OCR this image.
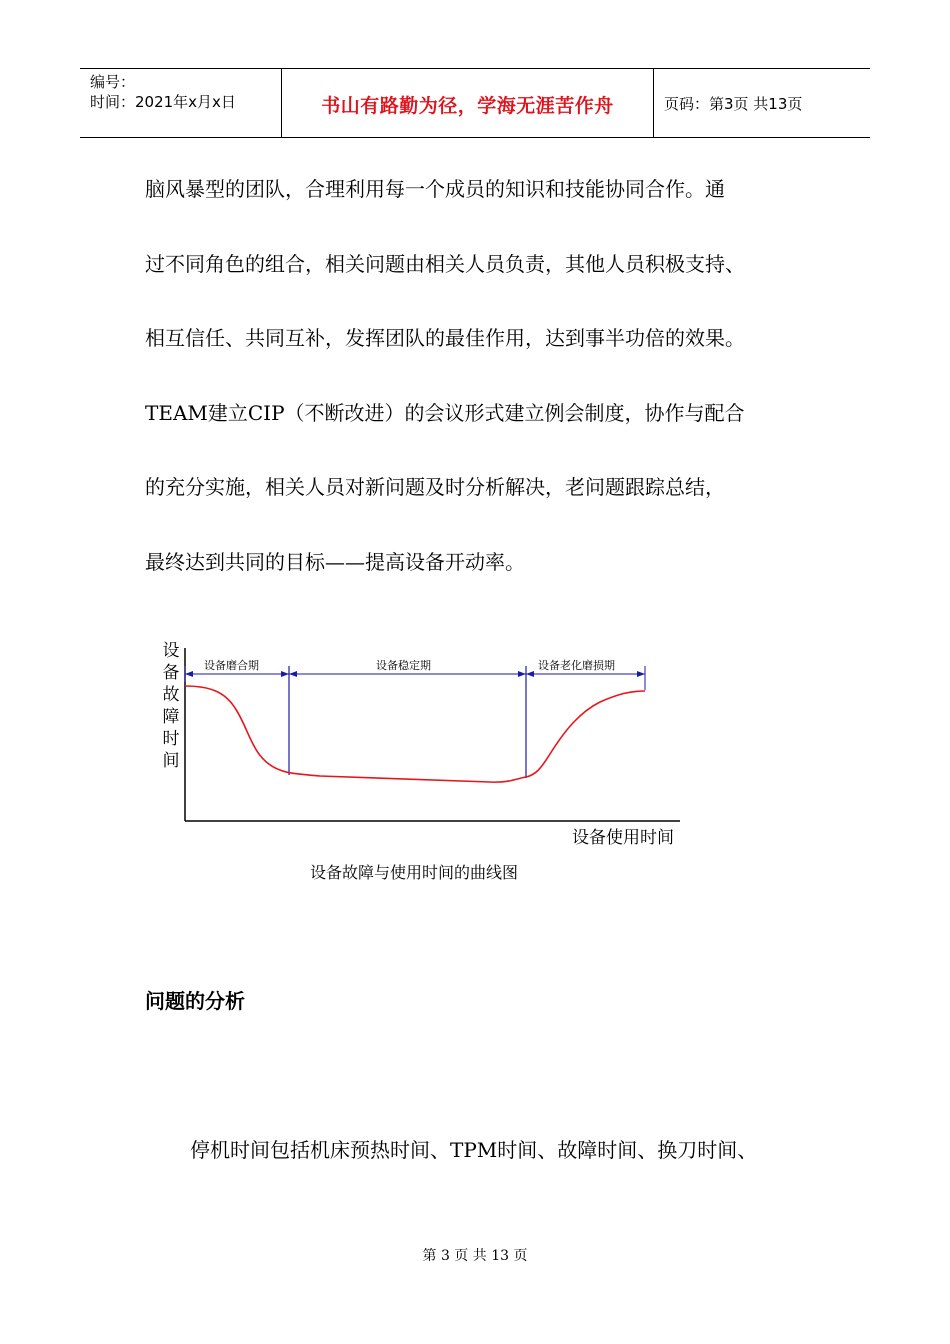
编号：
时间：2021年x月x日	书山有路勤为径，学海无涯苦作舟	页码：第3页 共13页
脑风暴型的团队，合理利用每一个成员的知识和技能协同合作。通
过不同角色的组合，相关问题由相关人员负责，其他人员积极支持、
相互信任、共同互补，发挥团队的最佳作用，达到事半功倍的效果。
TEAM建立CIP（不断改进）的会议形式建立例会制度，协作与配合
的充分实施，相关人员对新问题及时分析解决，老问题跟踪总结，
最终达到共同的目标——提高设备开动率。
设
备
故
障
时
间
设备磨合期	设备稳定期	设备老化磨损期
设备使用时间
设备故障与使用时间的曲线图
问题的分析
停机时间包括机床预热时间、TPM时间、故障时间、换刀时间、
第 3 页 共 13 页
